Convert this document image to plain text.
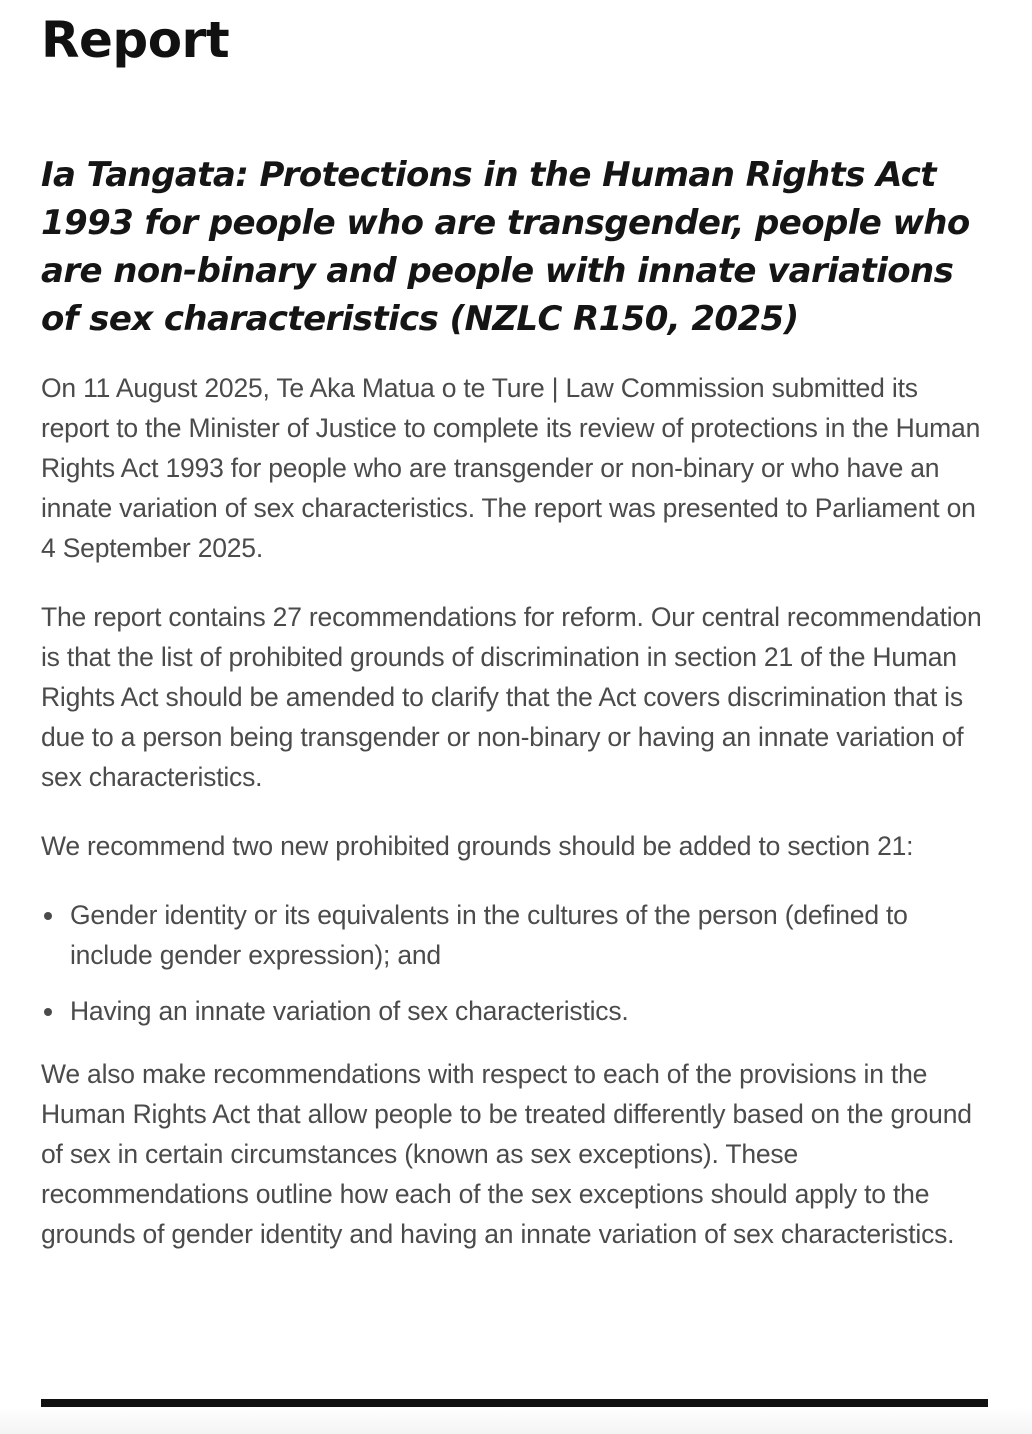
Report
Ia Tangata: Protections in the Human Rights Act 1993 for people who are transgender, people who are non-binary and people with innate variations of sex characteristics (NZLC R150, 2025)

On 11 August 2025, Te Aka Matua o te Ture | Law Commission submitted its report to the Minister of Justice to complete its review of protections in the Human Rights Act 1993 for people who are transgender or non-binary or who have an innate variation of sex characteristics. The report was presented to Parliament on 4 September 2025.

The report contains 27 recommendations for reform. Our central recommendation is that the list of prohibited grounds of discrimination in section 21 of the Human Rights Act should be amended to clarify that the Act covers discrimination that is due to a person being transgender or non-binary or having an innate variation of sex characteristics.

We recommend two new prohibited grounds should be added to section 21:

Gender identity or its equivalents in the cultures of the person (defined to include gender expression); and
Having an innate variation of sex characteristics.

We also make recommendations with respect to each of the provisions in the Human Rights Act that allow people to be treated differently based on the ground of sex in certain circumstances (known as sex exceptions). These recommendations outline how each of the sex exceptions should apply to the grounds of gender identity and having an innate variation of sex characteristics.
